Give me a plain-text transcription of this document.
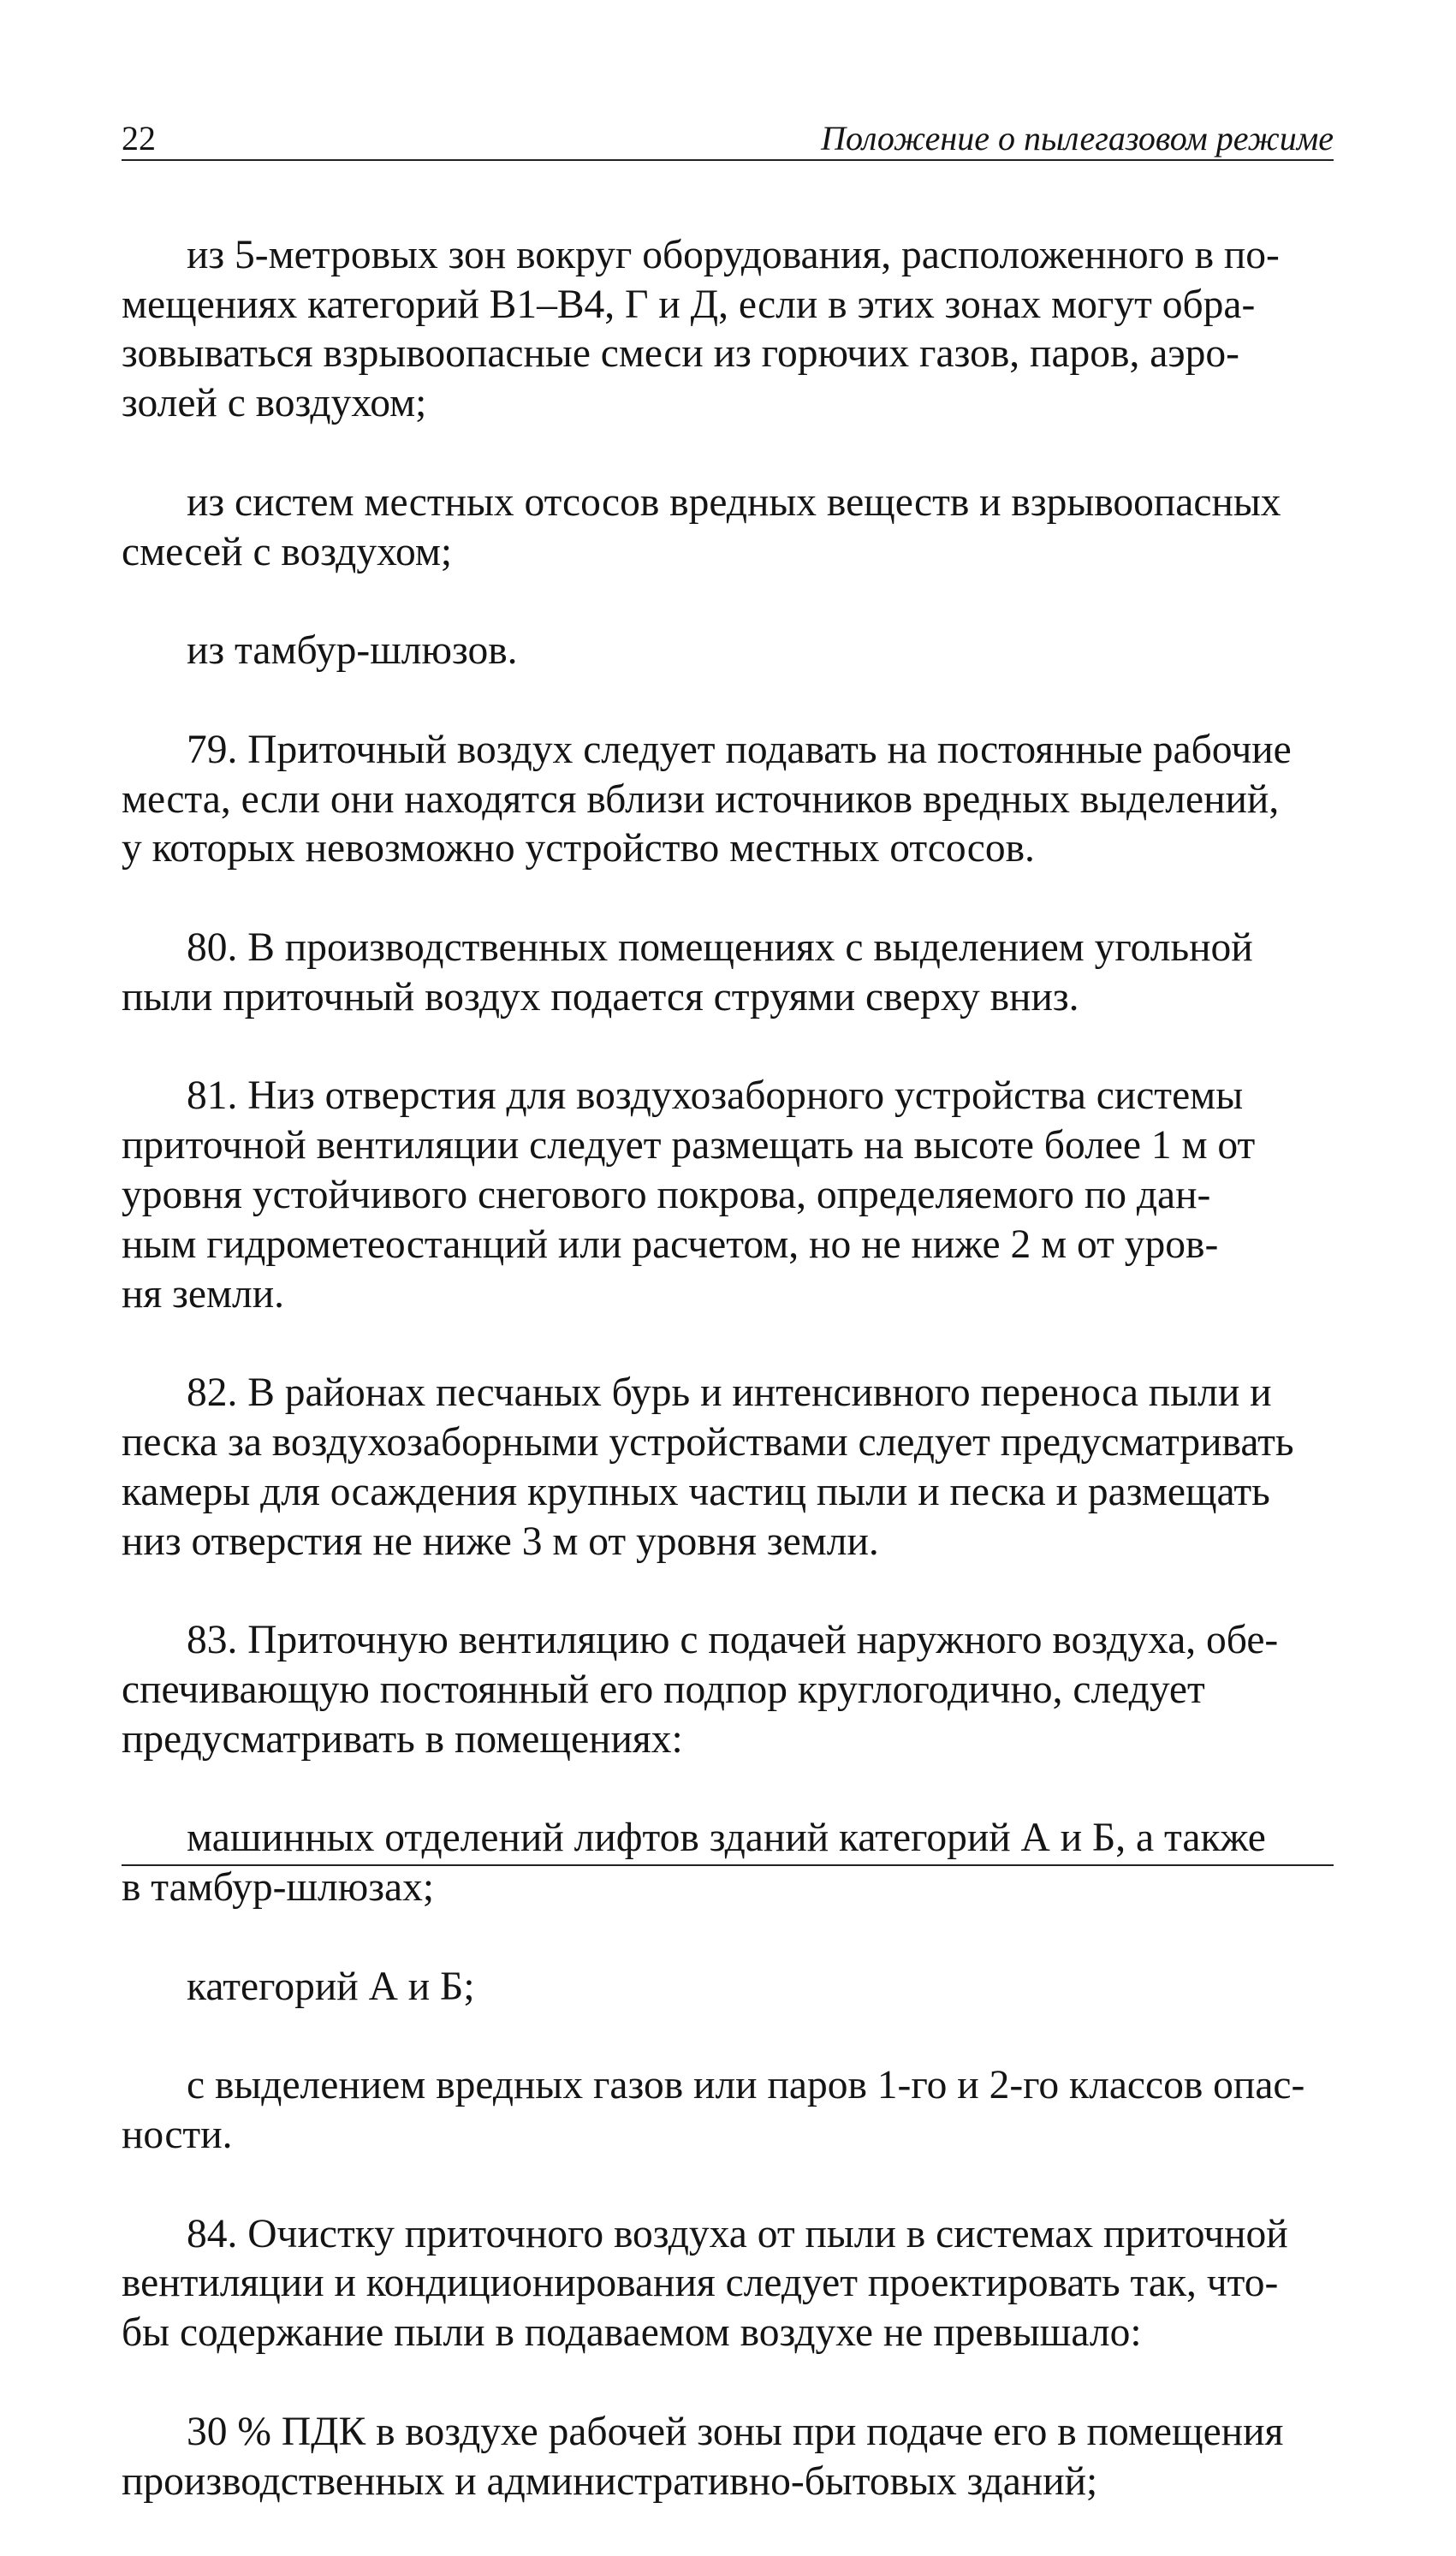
22	Положение о пылегазовом режиме

из 5-метровых зон вокруг оборудования, расположенного в по-
мещениях категорий В1–В4, Г и Д, если в этих зонах могут обра-
зовываться взрывоопасные смеси из горючих газов, паров, аэро-
золей с воздухом;

из систем местных отсосов вредных веществ и взрывоопасных
смесей с воздухом;

из тамбур-шлюзов.

79. Приточный воздух следует подавать на постоянные рабочие
места, если они находятся вблизи источников вредных выделений,
у которых невозможно устройство местных отсосов.

80. В производственных помещениях с выделением угольной
пыли приточный воздух подается струями сверху вниз.

81. Низ отверстия для воздухозаборного устройства системы
приточной вентиляции следует размещать на высоте более 1 м от
уровня устойчивого снегового покрова, определяемого по дан-
ным гидрометеостанций или расчетом, но не ниже 2 м от уров-
ня земли.

82. В районах песчаных бурь и интенсивного переноса пыли и
песка за воздухозаборными устройствами следует предусматривать
камеры для осаждения крупных частиц пыли и песка и размещать
низ отверстия не ниже 3 м от уровня земли.

83. Приточную вентиляцию с подачей наружного воздуха, обе-
спечивающую постоянный его подпор круглогодично, следует
предусматривать в помещениях:

машинных отделений лифтов зданий категорий А и Б, а также
в тамбур-шлюзах;

категорий А и Б;

с выделением вредных газов или паров 1-го и 2-го классов опас-
ности.

84. Очистку приточного воздуха от пыли в системах приточной
вентиляции и кондиционирования следует проектировать так, что-
бы содержание пыли в подаваемом воздухе не превышало:

30 % ПДК в воздухе рабочей зоны при подаче его в помещения
производственных и административно-бытовых зданий;
